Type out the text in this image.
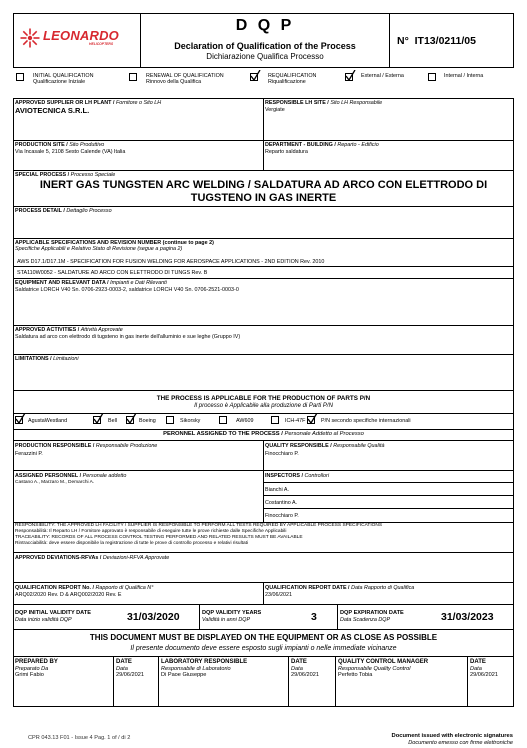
LEONARDO
HELICOPTERS
D Q P
Declaration of Qualification of the Process
Dichiarazione Qualifica Processo
N° IT13/0211/05
INITIAL QUALIFICATION
Qualificazione Iniziale
RENEWAL OF QUALIFICATION
Rinnovo della Qualifica
REQUALIFICATION
Riqualificazione
External / Esterna	Internal / Interna
APPROVED SUPPLIER OR LH PLANT / Fornitore o Sito LH
AVIOTECNICA S.R.L.
RESPONSIBLE LH SITE / Sito LH Responsabile
Vergiate
PRODUCTION SITE / Sito Produttivo
Via Incasale 5, 2108 Sesto Calende (VA) Italia
DEPARTMENT - BUILDING / Reparto - Edificio
Reparto saldatura
SPECIAL PROCESS / Processo Speciale
INERT GAS TUNGSTEN ARC WELDING / SALDATURA AD ARCO CON ELETTRODO DI TUGSTENO IN GAS INERTE
PROCESS DETAIL / Dettaglio Processo
APPLICABLE SPECIFICATIONS AND REVISION NUMBER (continue to page 2)
Specifiche Applicabili e Relativo Stato di Revisione (segue a pagina 2)
AWS D17.1/D17.1M - SPECIFICATION FOR FUSION WELDING FOR AEROSPACE APPLICATIONS - 2ND EDITION Rev. 2010
STA110W0052 - SALDATURE AD ARCO CON ELETTRODO DI TUNGS Rev. B
EQUIPMENT AND RELEVANT DATA / Impianti e Dati Rilevanti
Saldatrice LORCH V40 Sn. 0706-2923-0003-2, saldatrice LORCH V40 Sn. 0706-2521-0003-0
APPROVED ACTIVITIES / Attività Approvate
Saldatura ad arco con elettrodo di tugsteno in gas inerte dell'alluminio e sue leghe (Gruppo IV)
LIMITATIONS / Limitazioni
THE PROCESS IS APPLICABLE FOR THE PRODUCTION OF PARTS P/N
Il processo è Applicabile alla produzione di Parti P/N
AgustaWestland	Bell	Boeing	Sikorsky	AW609	ICH-47F	P/N secondo specifiche internazionali
PERONNEL ASSIGNED TO THE PROCESS / Personale Addetto al Processo
PRODUCTION RESPONSIBLE / Responsabile Produzione
Ferazzini P.
QUALITY RESPONSIBLE / Responsabile Qualità
Finocchiaro P.
ASSIGNED PERSONNEL / Personale addetto
Castano A., Marzaro M., Demarchi A.
INSPECTORS / Controllori
Bianchi A.
Costantino A.
Finocchiaro P.
RESPONSIBILITY: THE APPROVED LH FACILITY / SUPPLIER IS RESPONSIBLE TO PERFORM ALL TESTS REQUIRED BY APPLICABLE PROCESS SPECIFICATIONS
Responsabilità: Il Reparto LH / Fornitore approvato è responsabile di eseguire tutte le prove richieste dalle Specifiche Applicabili
TRACEABILITY: RECORDS OF ALL PROCESS CONTROL TESTING PERFORMED AND RELATED RESULTS MUST BE AVAILABLE
Rintracciabilità: deve essere disponibile la registrazione di tutte le prove di controllo processo e relativi risultati
APPROVED DEVIATIONS-RFVAs / Deviazioni-RFVA Approvate
QUALIFICATION REPORT No. / Rapporto di Qualifica N°
ARQ02/2020 Rev. D & ARQ002/2020 Rev. E
QUALIFICATION REPORT DATE / Data Rapporto di Qualifica
23/06/2021
DQP INITIAL VALIDITY DATE
Data inizio validità DQP	31/03/2020	DQP VALIDITY YEARS
Validità in anni DQP	3	DQP EXPIRATION DATE
Data Scadenza DQP	31/03/2023
THIS DOCUMENT MUST BE DISPLAYED ON THE EQUIPMENT OR AS CLOSE AS POSSIBLE
Il presente documento deve essere esposto sugli impianti o nelle immediate vicinanze
PREPARED BY
Preparato Da
Grimi Fabio
DATE
Data
29/06/2021
LABORATORY RESPONSIBLE
Responsabile di Laboratorio
Di Paoe Giuseppe
DATE
Data
29/06/2021
QUALITY CONTROL MANAGER
Responsabile Quality Control
Perfetto Tobia
DATE
Data
29/06/2021
CPR 043.13 F01 - Issue 4 Pag. 1 of / di 2	Document issued with electronic signatures
Documento emesso con firme elettroniche
